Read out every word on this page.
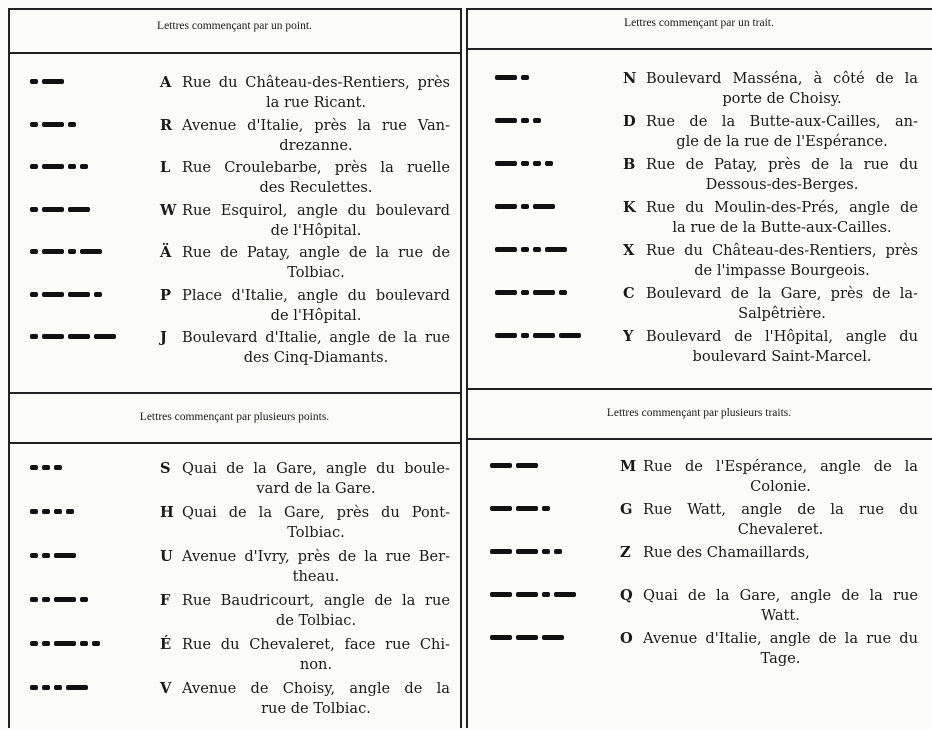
Lettres commençant par un point.
A Rue du Château-des-Rentiers, près
la rue Ricant.
R Avenue d'Italie, près la rue Van-
drezanne.
L Rue Croulebarbe, près la ruelle
des Reculettes.
W Rue Esquirol, angle du boulevard
de l'Hôpital.
Ä Rue de Patay, angle de la rue de
Tolbiac.
P Place d'Italie, angle du boulevard
de l'Hôpital.
J	Boulevard d'Italie, angle de la rue
des Cinq-Diamants.
Lettres commençant par un trait.
N Boulevard Masséna, à côté de la
porte de Choisy.
D Rue de la Butte-aux-Cailles, an-
gle de la rue de l'Espérance.
B Rue de Patay, près de la rue du
Dessous-des-Berges.
K Rue du Moulin-des-Prés, angle de
la rue de la Butte-aux-Cailles.
X Rue du Château-des-Rentiers, près
de l'impasse Bourgeois.
C Boulevard de la Gare, près de la-
Salpêtrière.
Y Boulevard de l'Hôpital, angle du
boulevard Saint-Marcel.
Lettres commençant par plusieurs points.
S Quai de la Gare, angle du boule-
vard de la Gare.
H Quai de la Gare, près du Pont-
Tolbiac.
U Avenue d'Ivry, près de la rue Ber-
theau.
F Rue Baudricourt, angle de la rue
de Tolbiac.
É Rue du Chevaleret, face rue Chi-
non.
V Avenue de Choisy, angle de la
rue de Tolbiac.
Lettres commençant par plusieurs traits.
M Rue de l'Espérance, angle de la
Colonie.
G Rue Watt, angle de la rue du
Chevaleret.
Z Rue des Chamaillards,
Q Quai de la Gare, angle de la rue
Watt.
O Avenue d'Italie, angle de la rue du
Tage.
